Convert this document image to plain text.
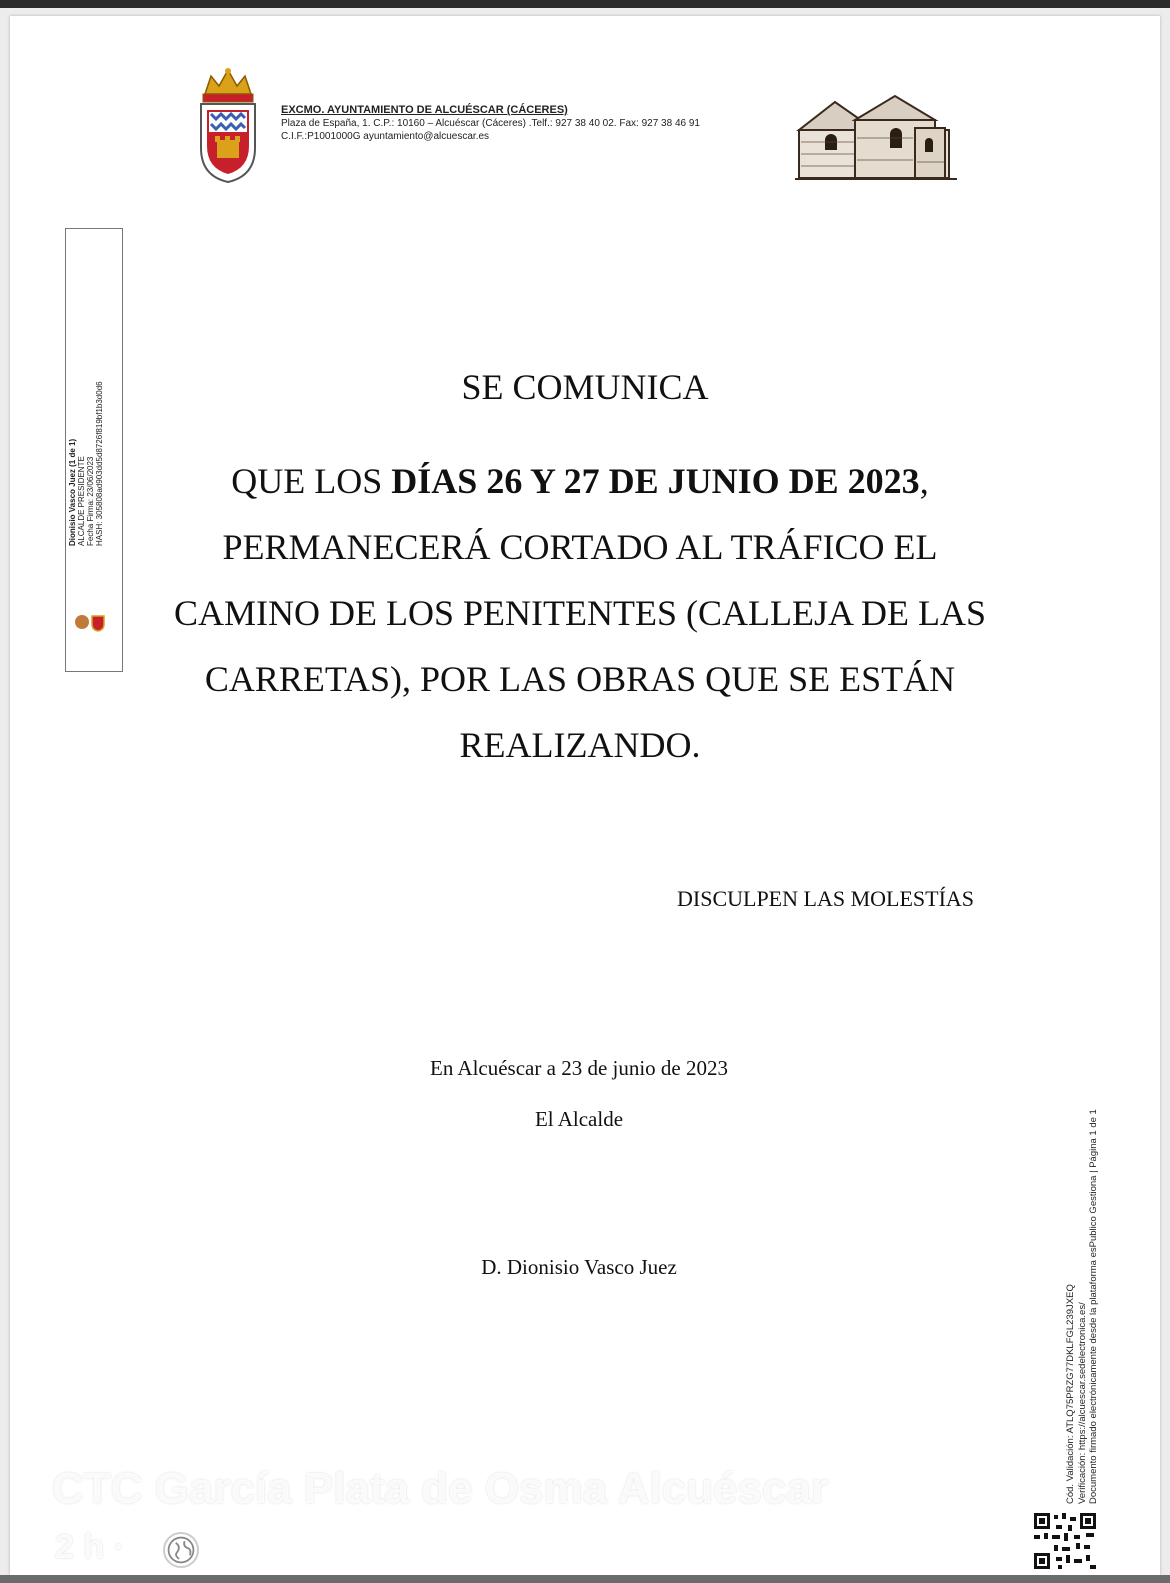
EXCMO. AYUNTAMIENTO DE ALCUÉSCAR (CÁCERES)
Plaza de España, 1. C.P.: 10160 – Alcuéscar (Cáceres) .Telf.: 927 38 40 02. Fax: 927 38 46 91
C.I.F.:P1001000G ayuntamiento@alcuescar.es
Dionisio Vasco Juez (1 de 1) ALCALDE PRESIDENTE Fecha Firma: 23/06/2023 HASH: 305808ad903dd5d8726f819bf1b3d0d6	SE COMUNICA
QUE LOS DÍAS 26 Y 27 DE JUNIO DE 2023, PERMANECERÁ CORTADO AL TRÁFICO EL CAMINO DE LOS PENITENTES (CALLEJA DE LAS CARRETAS), POR LAS OBRAS QUE SE ESTÁN REALIZANDO.
DISCULPEN LAS MOLESTÍAS
En Alcuéscar a 23 de junio de 2023
El Alcalde
D. Dionisio Vasco Juez
Cód. Validación: ATLQ75PRZG77DKLFGL239JXEQ Verificación: https://alcuescar.sedelectronica.es/ Documento firmado electrónicamente desde la plataforma esPublico Gestiona | Página 1 de 1
CTC García Plata de Osma Alcuéscar
2 h ·
